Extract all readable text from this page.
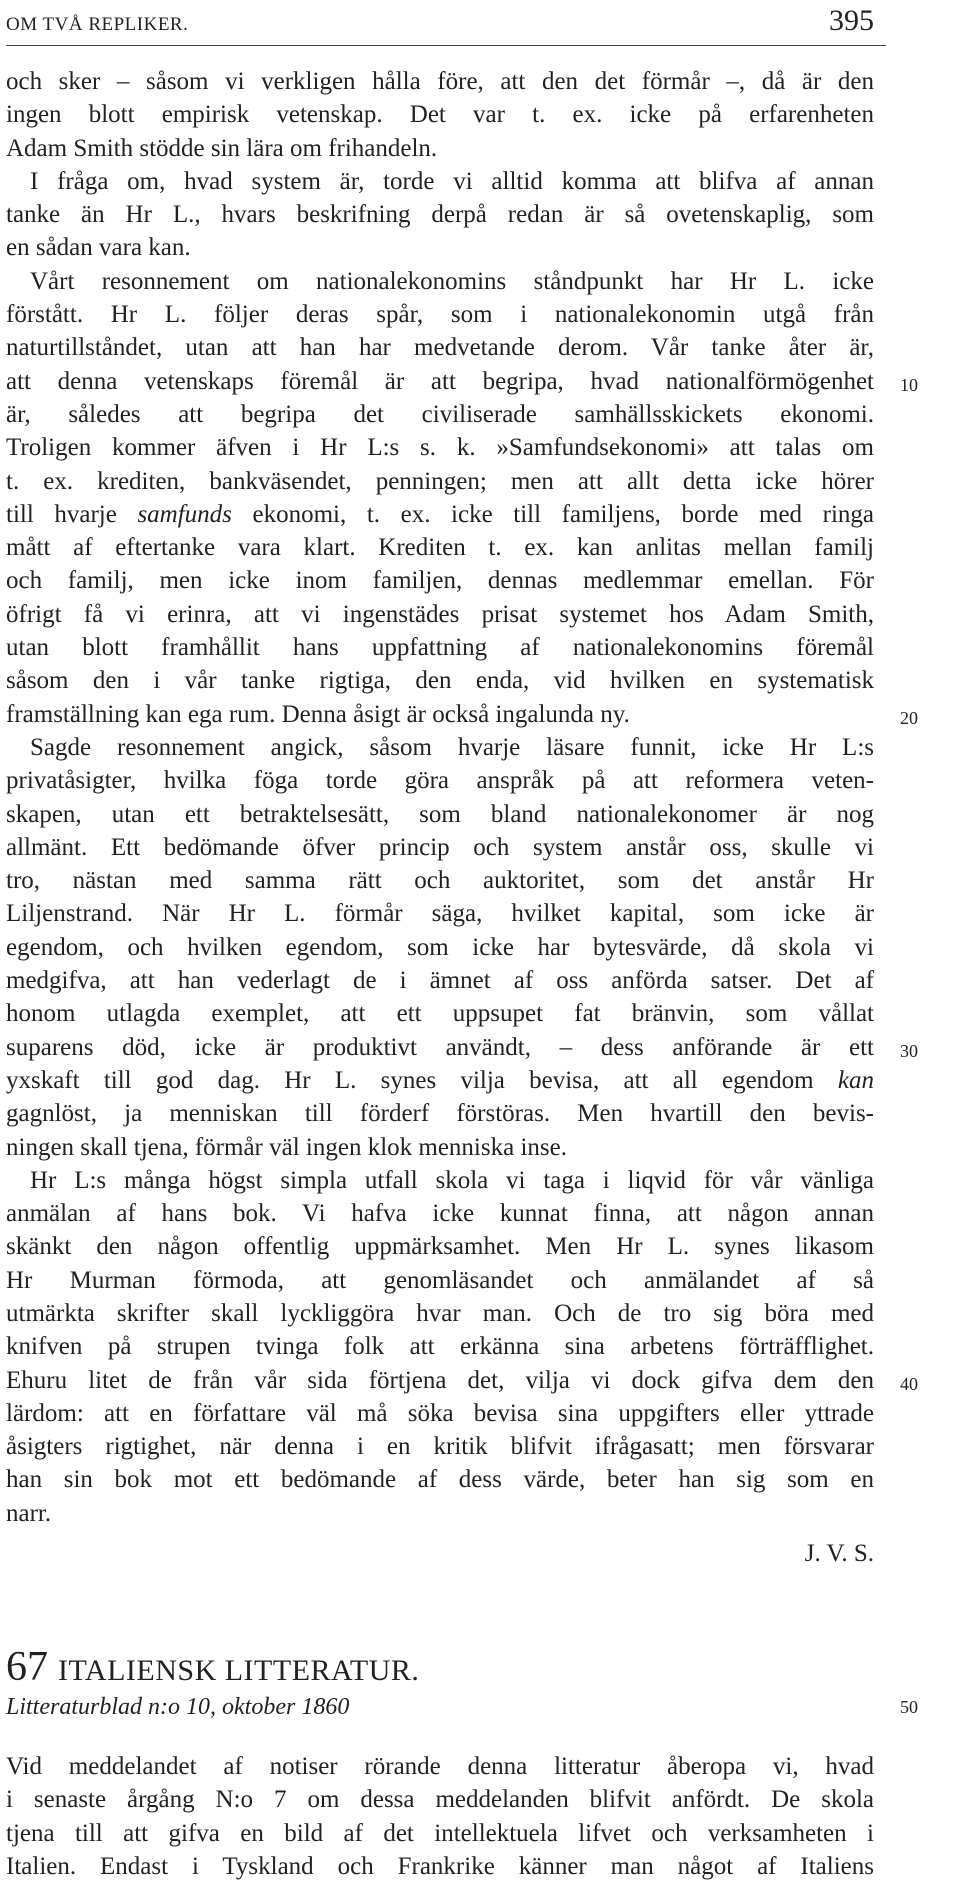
OM TVÅ REPLIKER.	395
och sker – såsom vi verkligen hålla före, att den det förmår –, då är den
ingen blott empirisk vetenskap. Det var t. ex. icke på erfarenheten
Adam Smith stödde sin lära om frihandeln.
I fråga om, hvad system är, torde vi alltid komma att blifva af annan
tanke än Hr L., hvars beskrifning derpå redan är så ovetenskaplig, som
en sådan vara kan.
Vårt resonnement om nationalekonomins ståndpunkt har Hr L. icke
förstått. Hr L. följer deras spår, som i nationalekonomin utgå från
naturtillståndet, utan att han har medvetande derom. Vår tanke åter är,
att denna vetenskaps föremål är att begripa, hvad nationalförmögenhet
är, således att begripa det civiliserade samhällsskickets ekonomi.
Troligen kommer äfven i Hr L:s s. k. »Samfundsekonomi» att talas om
t. ex. krediten, bankväsendet, penningen; men att allt detta icke hörer
till hvarje samfunds ekonomi, t. ex. icke till familjens, borde med ringa
mått af eftertanke vara klart. Krediten t. ex. kan anlitas mellan familj
och familj, men icke inom familjen, dennas medlemmar emellan. För
öfrigt få vi erinra, att vi ingenstädes prisat systemet hos Adam Smith,
utan blott framhållit hans uppfattning af nationalekonomins föremål
såsom den i vår tanke rigtiga, den enda, vid hvilken en systematisk
framställning kan ega rum. Denna åsigt är också ingalunda ny.
Sagde resonnement angick, såsom hvarje läsare funnit, icke Hr L:s
privatåsigter, hvilka föga torde göra anspråk på att reformera veten-
skapen, utan ett betraktelsesätt, som bland nationalekonomer är nog
allmänt. Ett bedömande öfver princip och system anstår oss, skulle vi
tro, nästan med samma rätt och auktoritet, som det anstår Hr
Liljenstrand. När Hr L. förmår säga, hvilket kapital, som icke är
egendom, och hvilken egendom, som icke har bytesvärde, då skola vi
medgifva, att han vederlagt de i ämnet af oss anförda satser. Det af
honom utlagda exemplet, att ett uppsupet fat bränvin, som vållat
suparens död, icke är produktivt användt, – dess anförande är ett
yxskaft till god dag. Hr L. synes vilja bevisa, att all egendom kan
gagnlöst, ja menniskan till förderf förstöras. Men hvartill den bevis-
ningen skall tjena, förmår väl ingen klok menniska inse.
Hr L:s många högst simpla utfall skola vi taga i liqvid för vår vänliga
anmälan af hans bok. Vi hafva icke kunnat finna, att någon annan
skänkt den någon offentlig uppmärksamhet. Men Hr L. synes likasom
Hr Murman förmoda, att genomläsandet och anmälandet af så
utmärkta skrifter skall lyckliggöra hvar man. Och de tro sig böra med
knifven på strupen tvinga folk att erkänna sina arbetens förträfflighet.
Ehuru litet de från vår sida förtjena det, vilja vi dock gifva dem den
lärdom: att en författare väl må söka bevisa sina uppgifters eller yttrade
åsigters rigtighet, när denna i en kritik blifvit ifrågasatt; men försvarar
han sin bok mot ett bedömande af dess värde, beter han sig som en
narr.
J. V. S.
10
20
30
40
50
67 ITALIENSK LITTERATUR.
Litteraturblad n:o 10, oktober 1860
Vid meddelandet af notiser rörande denna litteratur åberopa vi, hvad
i senaste årgång N:o 7 om dessa meddelanden blifvit anfördt. De skola
tjena till att gifva en bild af det intellektuela lifvet och verksamheten i
Italien. Endast i Tyskland och Frankrike känner man något af Italiens
